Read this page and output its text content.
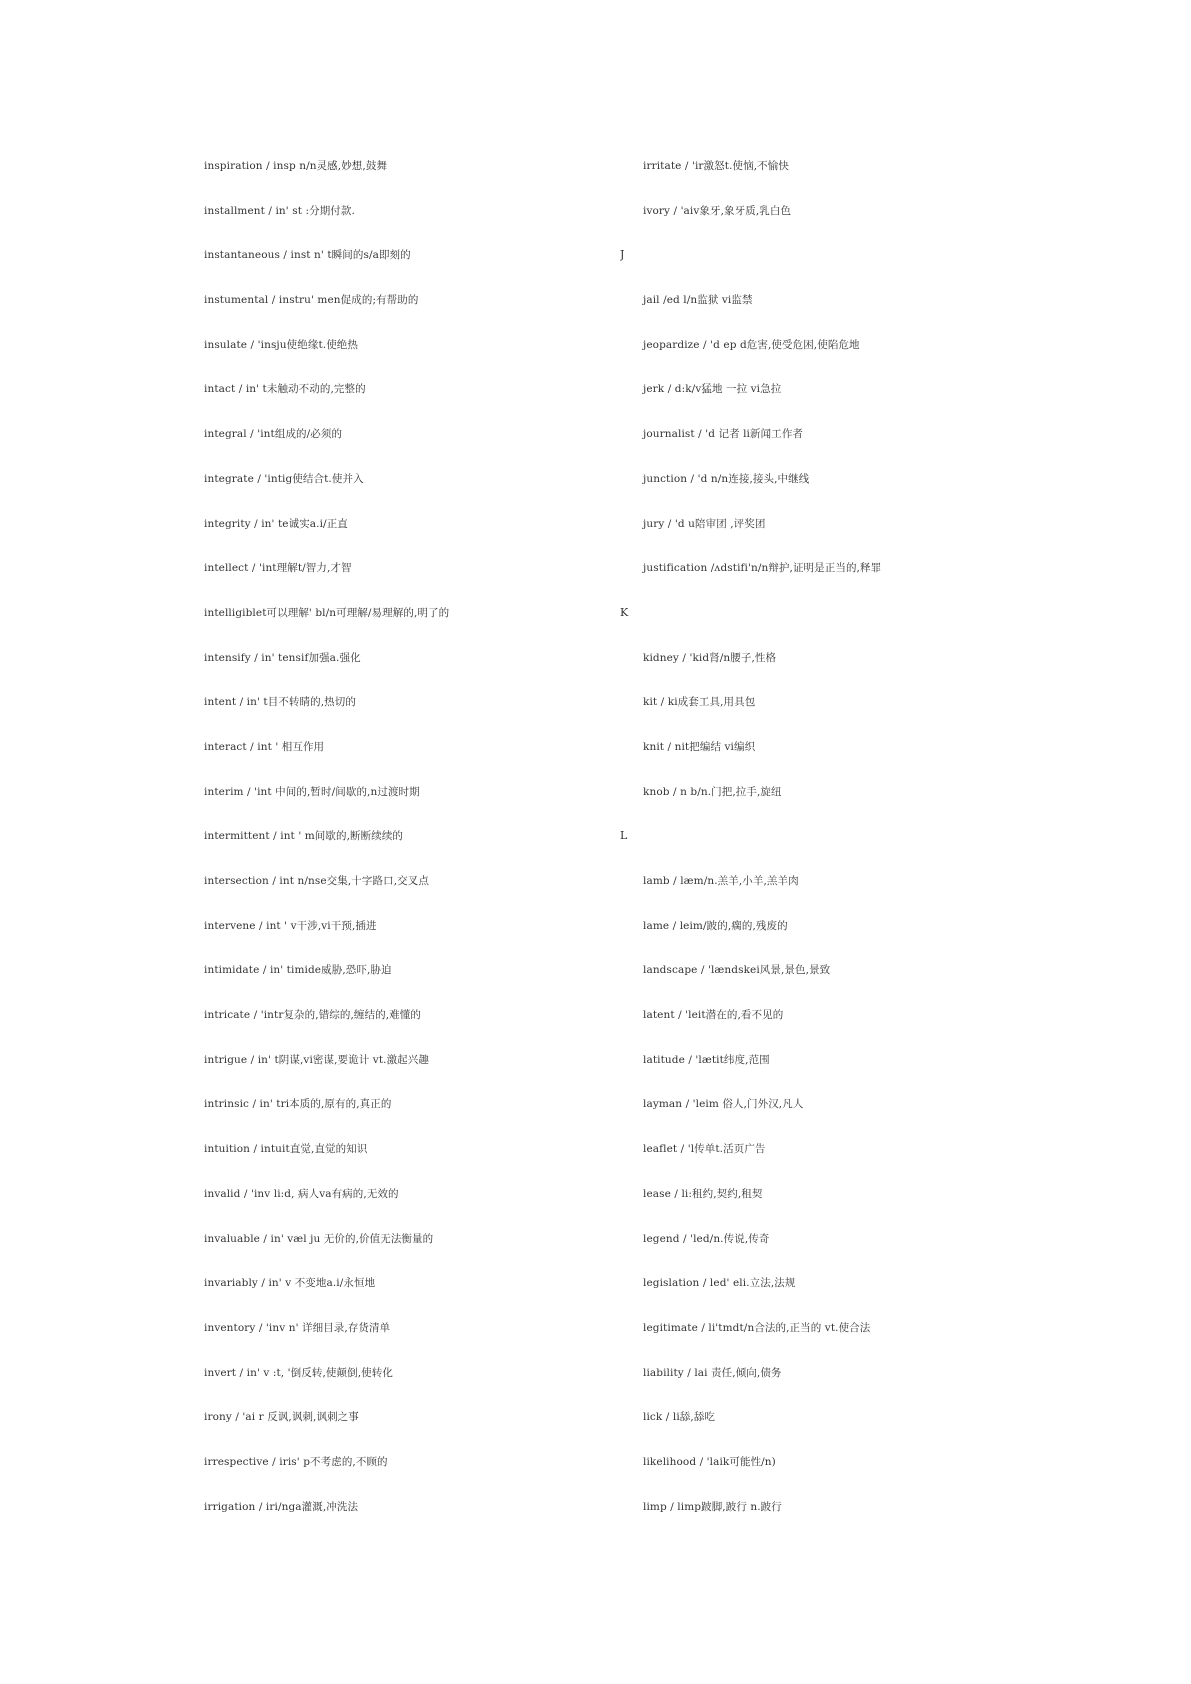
inspiration / insp n/n灵感,妙想,鼓舞
installment / in' st :分期付款.
instantaneous / inst n' t瞬间的s/a即刻的
instumental / instru' men促成的;有帮助的
insulate / 'insju使绝缘t.使绝热
intact / in' t未触动不动的,完整的
integral / 'int组成的/必须的
integrate / 'intig使结合t.使并入
integrity / in' te诚实a.i/正直
intellect / 'int理解t/智力,才智
intelligiblet可以理解' bl/n可理解/易理解的,明了的
intensify / in' tensif加强a.强化
intent / in' t目不转睛的,热切的
interact / int ' 相互作用
interim / 'int 中间的,暂时/间歇的,n过渡时期
intermittent / int ' m间歇的,断断续续的
intersection / int n/nse交集,十字路口,交叉点
intervene / int ' v干涉,vi干预,插进
intimidate / in' timide威胁,恐吓,胁迫
intricate / 'intr复杂的,错综的,缠结的,难懂的
intrigue / in' t阴谋,vi密谋,要诡计 vt.激起兴趣
intrinsic / in' tri本质的,原有的,真正的
intuition / intuit直觉,直觉的知识
invalid / 'inv li:d, 病人va有病的,无效的
invaluable / in' væl ju 无价的,价值无法衡量的
invariably / in' v 不变地a.i/永恒地
inventory / 'inv n' 详细目录,存货清单
invert / in' v :t, '倒反转,使颠倒,使转化
irony / 'ai r 反讽,讽刺,讽刺之事
irrespective / iris' p不考虑的,不顾的
irrigation / iri/nga灌溉,冲洗法
irritate / 'ir激怒t.使恼,不愉快
ivory / 'aiv象牙,象牙质,乳白色
J
jail /ed l/n监狱 vi监禁
jeopardize / 'd ep d危害,使受危困,使陷危地
jerk / d:k/v猛地 一拉 vi急拉
journalist / 'd 记者 li新闻工作者
junction / 'd n/n连接,接头,中继线
jury / 'd u陪审团 ,评奖团
justification /ʌdstifi'n/n辩护,证明是正当的,释罪
K
kidney / 'kid肾/n腰子,性格
kit / ki成套工具,用具包
knit / nit把编结 vi编织
knob / n b/n.门把,拉手,旋纽
L
lamb / læm/n.羔羊,小羊,羔羊肉
lame / leim/跛的,瘸的,残废的
landscape / 'lændskei风景,景色,景致
latent / 'leit潜在的,看不见的
latitude / 'lætit纬度,范围
layman / 'leim 俗人,门外汉,凡人
leaflet / 'l传单t.活页广告
lease / li:租约,契约,租契
legend / 'led/n.传说,传奇
legislation / led' eli.立法,法规
legitimate / li'tmdt/n合法的,正当的 vt.使合法
liability / lai 责任,倾向,债务
lick / li舔,舔吃
likelihood / 'laik可能性/n)
limp / limp跛脚,跛行 n.跛行
